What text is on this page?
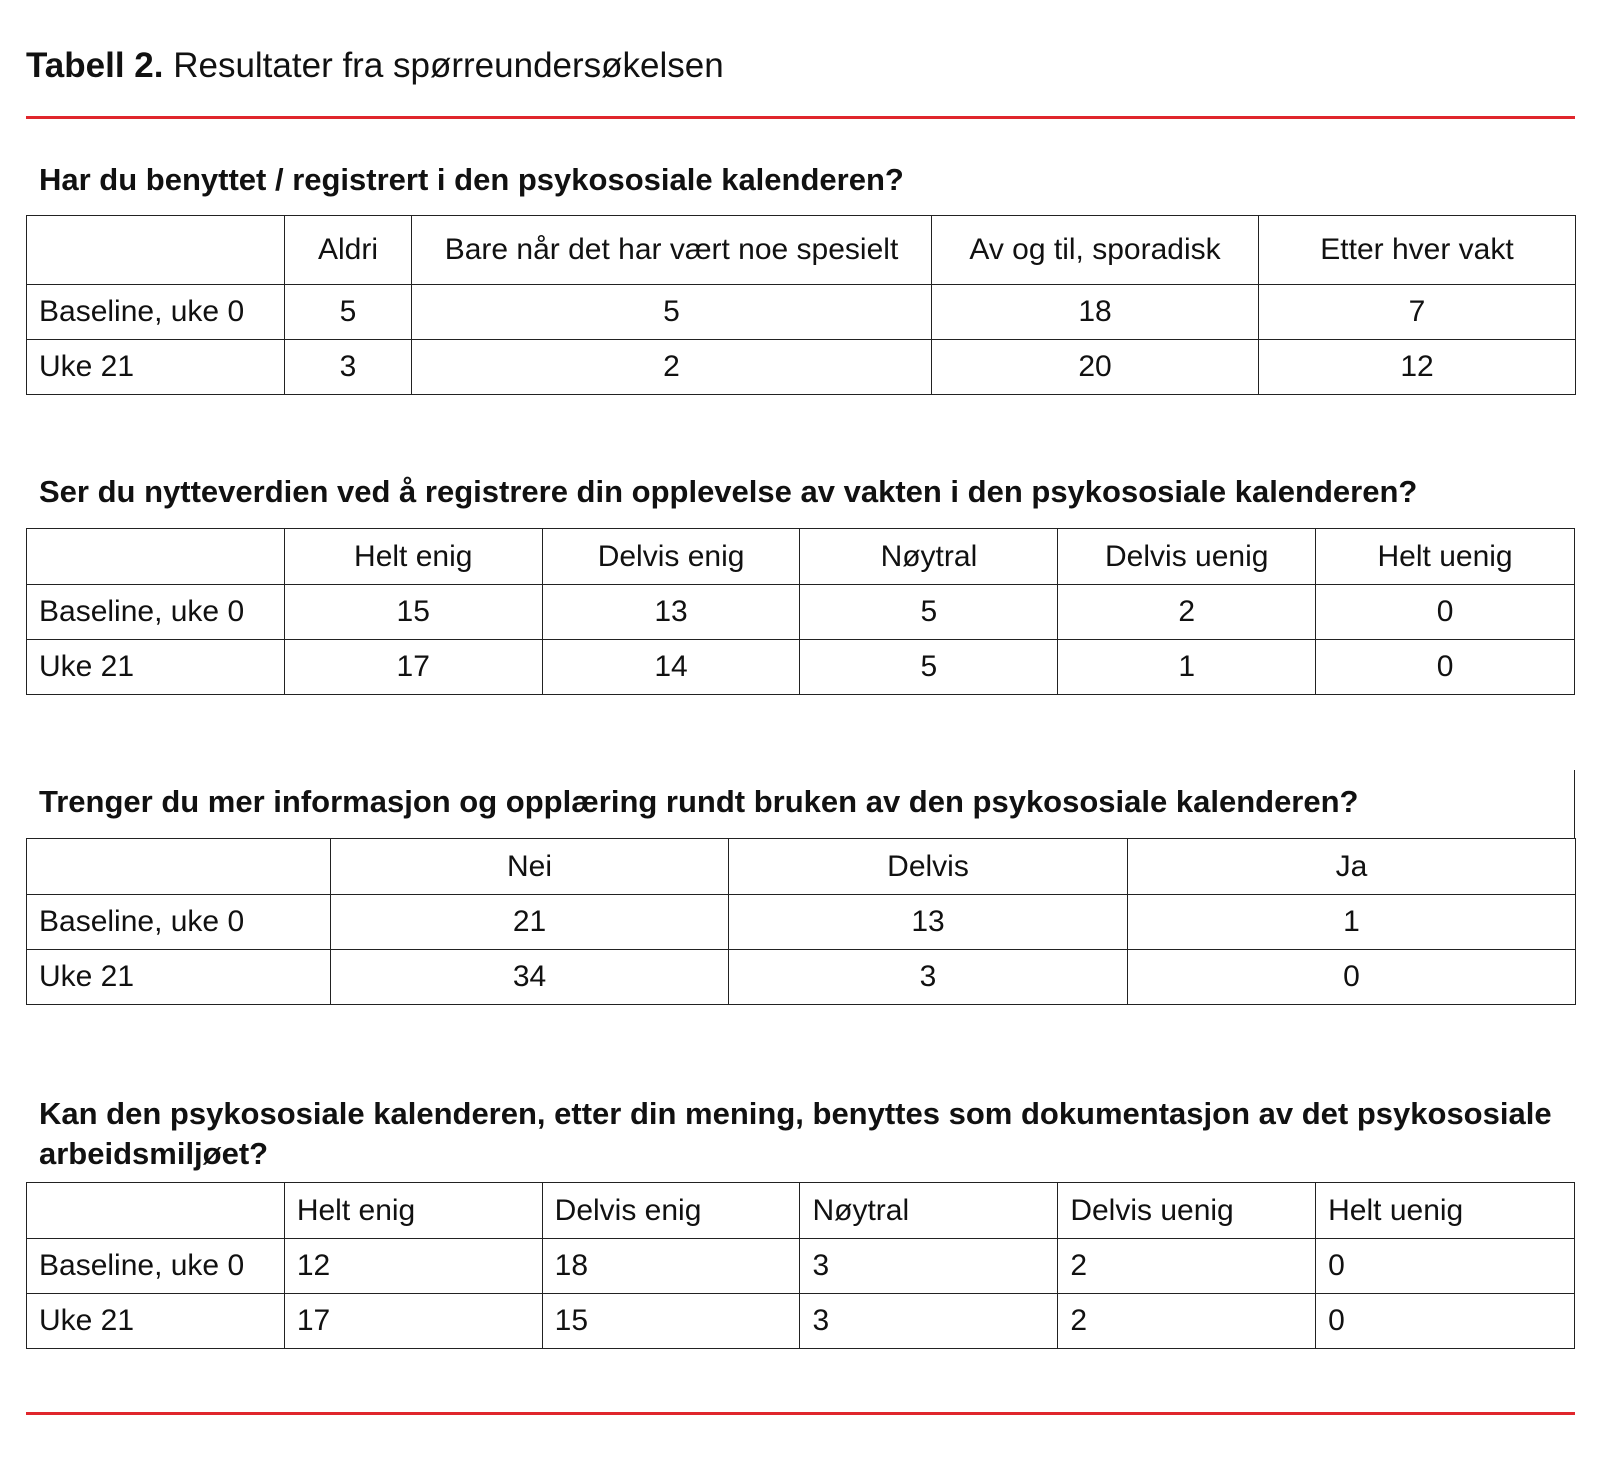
Tabell 2. Resultater fra spørreundersøkelsen
Har du benyttet / registrert i den psykososiale kalenderen?
	Aldri	Bare når det har vært noe spesielt	Av og til, sporadisk	Etter hver vakt
Baseline, uke 0	5	5	18	7
Uke 21	3	2	20	12
Ser du nytteverdien ved å registrere din opplevelse av vakten i den psykososiale kalenderen?
	Helt enig	Delvis enig	Nøytral	Delvis uenig	Helt uenig
Baseline, uke 0	15	13	5	2	0
Uke 21	17	14	5	1	0
Trenger du mer informasjon og opplæring rundt bruken av den psykososiale kalenderen?
	Nei	Delvis	Ja
Baseline, uke 0	21	13	1
Uke 21	34	3	0
Kan den psykososiale kalenderen, etter din mening, benyttes som dokumentasjon av det psykososiale arbeidsmiljøet?
	Helt enig	Delvis enig	Nøytral	Delvis uenig	Helt uenig
Baseline, uke 0	12	18	3	2	0
Uke 21	17	15	3	2	0
